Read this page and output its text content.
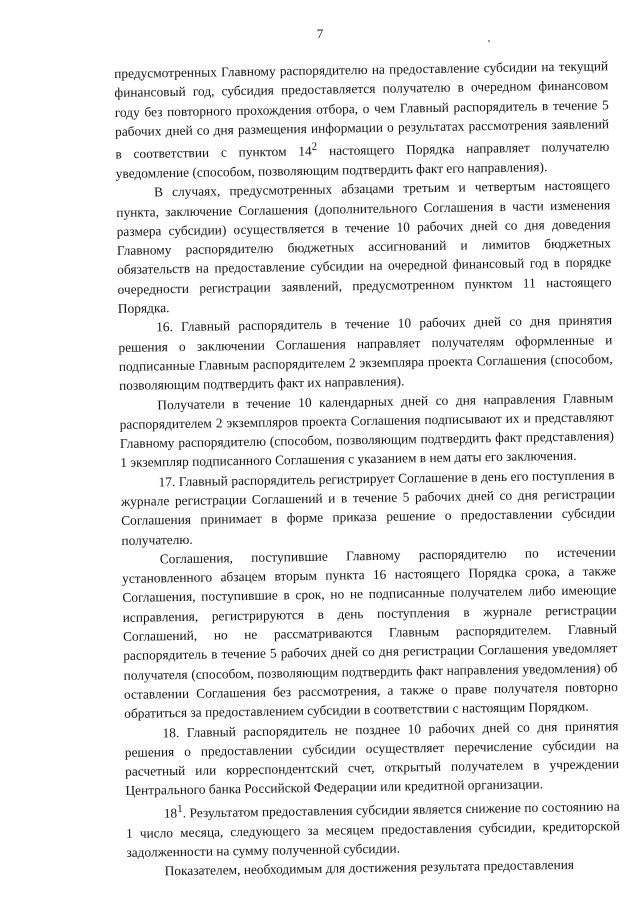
7

предусмотренных Главному распорядителю на предоставление субсидии на текущий финансовый год, субсидия предоставляется получателю в очередном финансовом году без повторного прохождения отбора, о чем Главный распорядитель в течение 5 рабочих дней со дня размещения информации о результатах рассмотрения заявлений в соответствии с пунктом $14^2$ настоящего Порядка направляет получателю уведомление (способом, позволяющим подтвердить факт его направления).

В случаях, предусмотренных абзацами третьим и четвертым настоящего пункта, заключение Соглашения (дополнительного Соглашения в части изменения размера субсидии) осуществляется в течение 10 рабочих дней со дня доведения Главному распорядителю бюджетных ассигнований и лимитов бюджетных обязательств на предоставление субсидии на очередной финансовый год в порядке очередности регистрации заявлений, предусмотренном пунктом 11 настоящего Порядка.

16. Главный распорядитель в течение 10 рабочих дней со дня принятия решения о заключении Соглашения направляет получателям оформленные и подписанные Главным распорядителем 2 экземпляра проекта Соглашения (способом, позволяющим подтвердить факт их направления).

Получатели в течение 10 календарных дней со дня направления Главным распорядителем 2 экземпляров проекта Соглашения подписывают их и представляют Главному распорядителю (способом, позволяющим подтвердить факт представления) 1 экземпляр подписанного Соглашения с указанием в нем даты его заключения.

17. Главный распорядитель регистрирует Соглашение в день его поступления в журнале регистрации Соглашений и в течение 5 рабочих дней со дня регистрации Соглашения принимает в форме приказа решение о предоставлении субсидии получателю.

Соглашения, поступившие Главному распорядителю по истечении установленного абзацем вторым пункта 16 настоящего Порядка срока, а также Соглашения, поступившие в срок, но не подписанные получателем либо имеющие исправления, регистрируются в день поступления в журнале регистрации Соглашений, но не рассматриваются Главным распорядителем. Главный распорядитель в течение 5 рабочих дней со дня регистрации Соглашения уведомляет получателя (способом, позволяющим подтвердить факт направления уведомления) об оставлении Соглашения без рассмотрения, а также о праве получателя повторно обратиться за предоставлением субсидии в соответствии с настоящим Порядком.

18. Главный распорядитель не позднее 10 рабочих дней со дня принятия решения о предоставлении субсидии осуществляет перечисление субсидии на расчетный или корреспондентский счет, открытый получателем в учреждении Центрального банка Российской Федерации или кредитной организации.

$18^1$. Результатом предоставления субсидии является снижение по состоянию на 1 число месяца, следующего за месяцем предоставления субсидии, кредиторской задолженности на сумму полученной субсидии.

Показателем, необходимым для достижения результата предоставления
